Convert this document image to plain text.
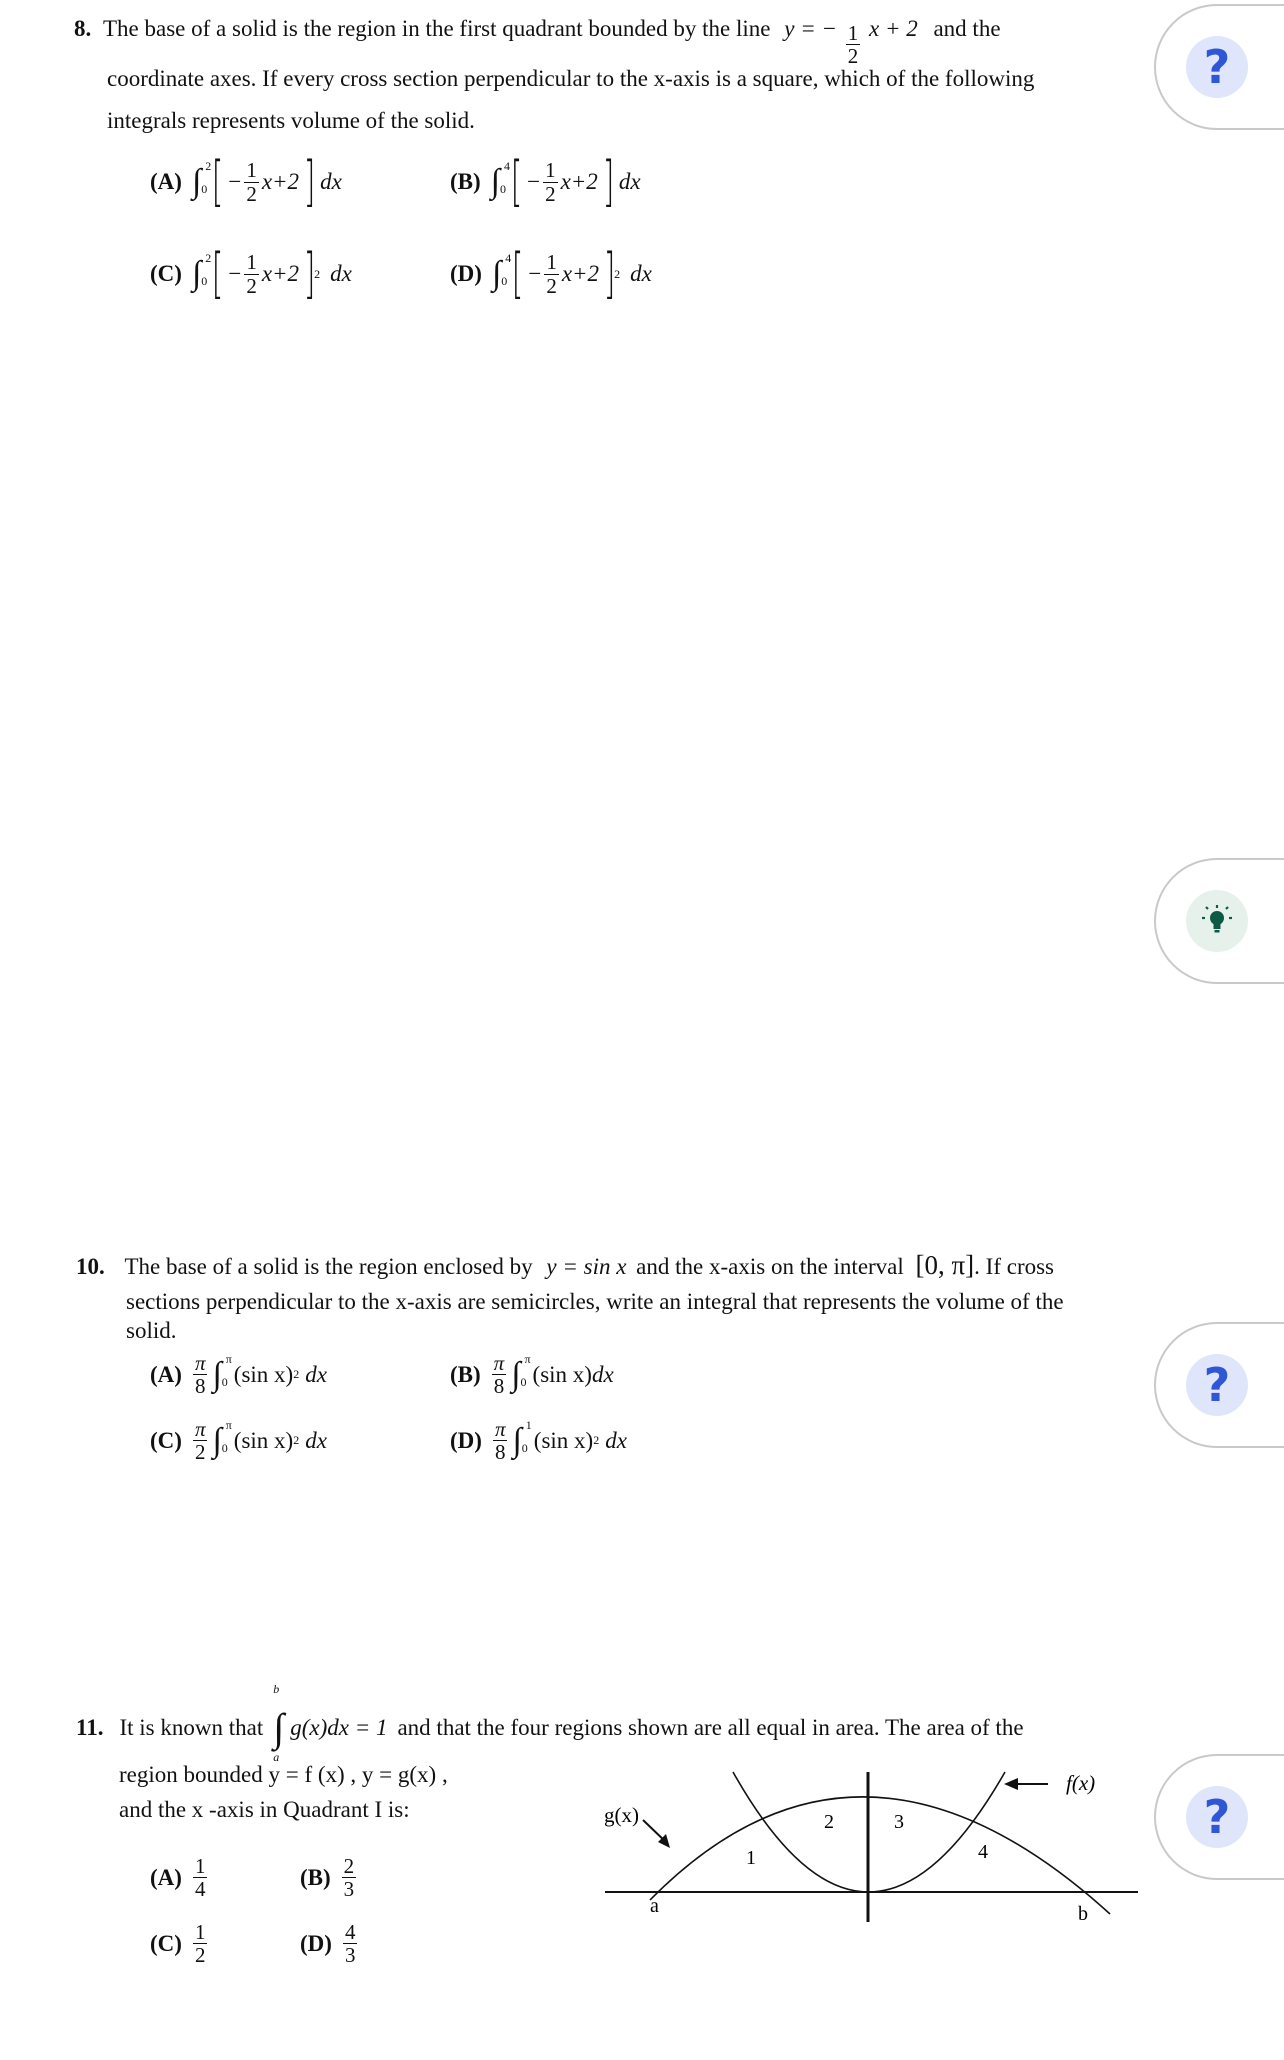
8. The base of a solid is the region in the first quadrant bounded by the line y = − $\frac{1}{2}$ x + 2 and the
coordinate axes. If every cross section perpendicular to the x-axis is a square, which of the following
integrals represents volume of the solid.
(A) ∫ 2
0 [ − $\frac{1}{2} x+2$ ] dx	(B) ∫ 4
0 [ − $\frac{1}{2} x+2$ ] dx
(C) ∫ 2
0 [ − $\frac{1}{2} x+2$ ]
2 dx	(D) ∫ 4
0 [ − $\frac{1}{2} x+2$ ]
2 dx
?
10. The base of a solid is the region enclosed by y = sin x and the x-axis on the interval [0, π]. If cross
sections perpendicular to the x-axis are semicircles, write an integral that represents the volume of the
solid.
$(A) \frac{\pi}{8}$ ∫ π
0 (sin x) 2 dx	$(B) \frac{\pi}{8}$ ∫ π
0 (sin x) dx
$(C) \frac{\pi}{2}$ ∫ π
0 (sin x) 2 dx	$(D) \frac{\pi}{8}$ ∫ 1
0 (sin x) 2 dx
?
11. It is known that ∫
b
a
g(x)dx = 1 and that the four regions shown are all equal in area. The area of the
region bounded y = f (x) , y = g(x) ,
and the x -axis in Quadrant I is:
$(A) \frac{1}{4}$	$(B) \frac{2}{3}$
$(C) \frac{1}{2}$	$(D) \frac{4}{3}$
g(x)
f(x)
1
2	3
4
a	b
?
